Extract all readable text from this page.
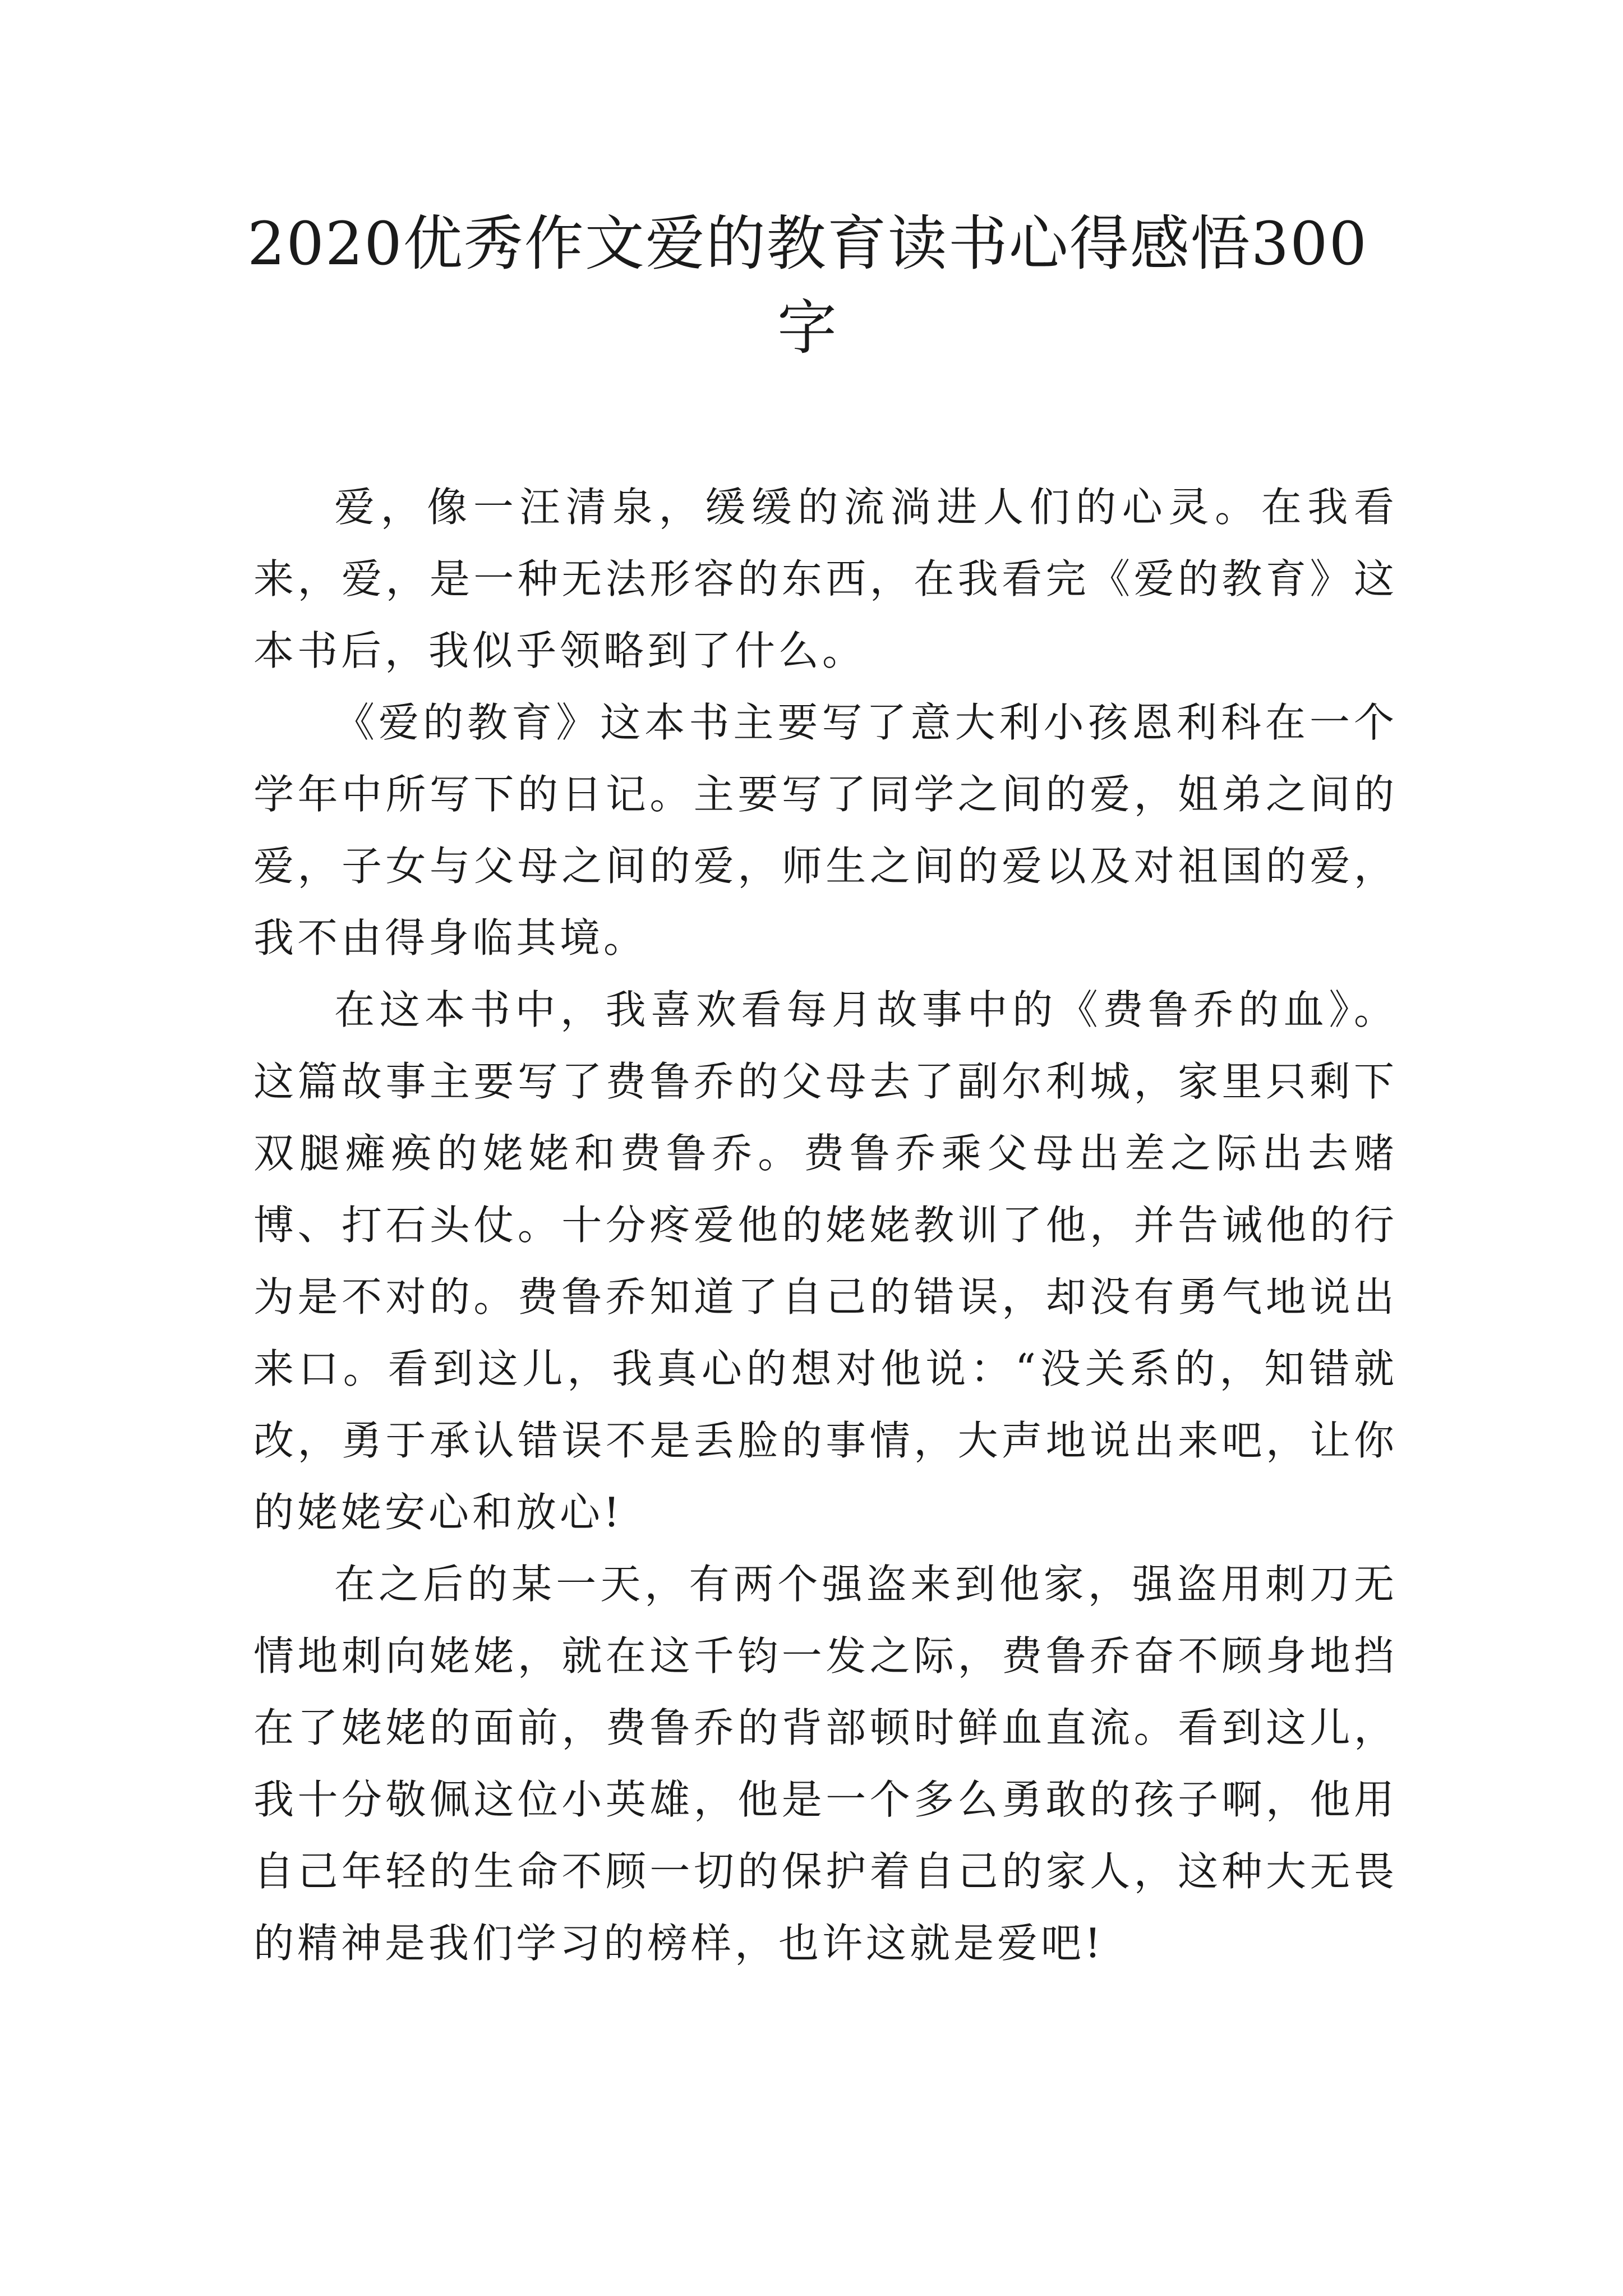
2020优秀作文爱的教育读书心得感悟300
字

爱，像一汪清泉，缓缓的流淌进人们的心灵。在我看来，爱，是一种无法形容的东西，在我看完《爱的教育》这本书后，我似乎领略到了什么。

《爱的教育》这本书主要写了意大利小孩恩利科在一个学年中所写下的日记。主要写了同学之间的爱，姐弟之间的爱，子女与父母之间的爱，师生之间的爱以及对祖国的爱，我不由得身临其境。

在这本书中，我喜欢看每月故事中的《费鲁乔的血》。这篇故事主要写了费鲁乔的父母去了副尔利城，家里只剩下双腿瘫痪的姥姥和费鲁乔。费鲁乔乘父母出差之际出去赌博、打石头仗。十分疼爱他的姥姥教训了他，并告诫他的行为是不对的。费鲁乔知道了自己的错误，却没有勇气地说出来口。看到这儿，我真心的想对他说：“没关系的，知错就改，勇于承认错误不是丢脸的事情，大声地说出来吧，让你的姥姥安心和放心!

在之后的某一天，有两个强盗来到他家，强盗用刺刀无情地刺向姥姥，就在这千钧一发之际，费鲁乔奋不顾身地挡在了姥姥的面前，费鲁乔的背部顿时鲜血直流。看到这儿，我十分敬佩这位小英雄，他是一个多么勇敢的孩子啊，他用自己年轻的生命不顾一切的保护着自己的家人，这种大无畏的精神是我们学习的榜样，也许这就是爱吧!
